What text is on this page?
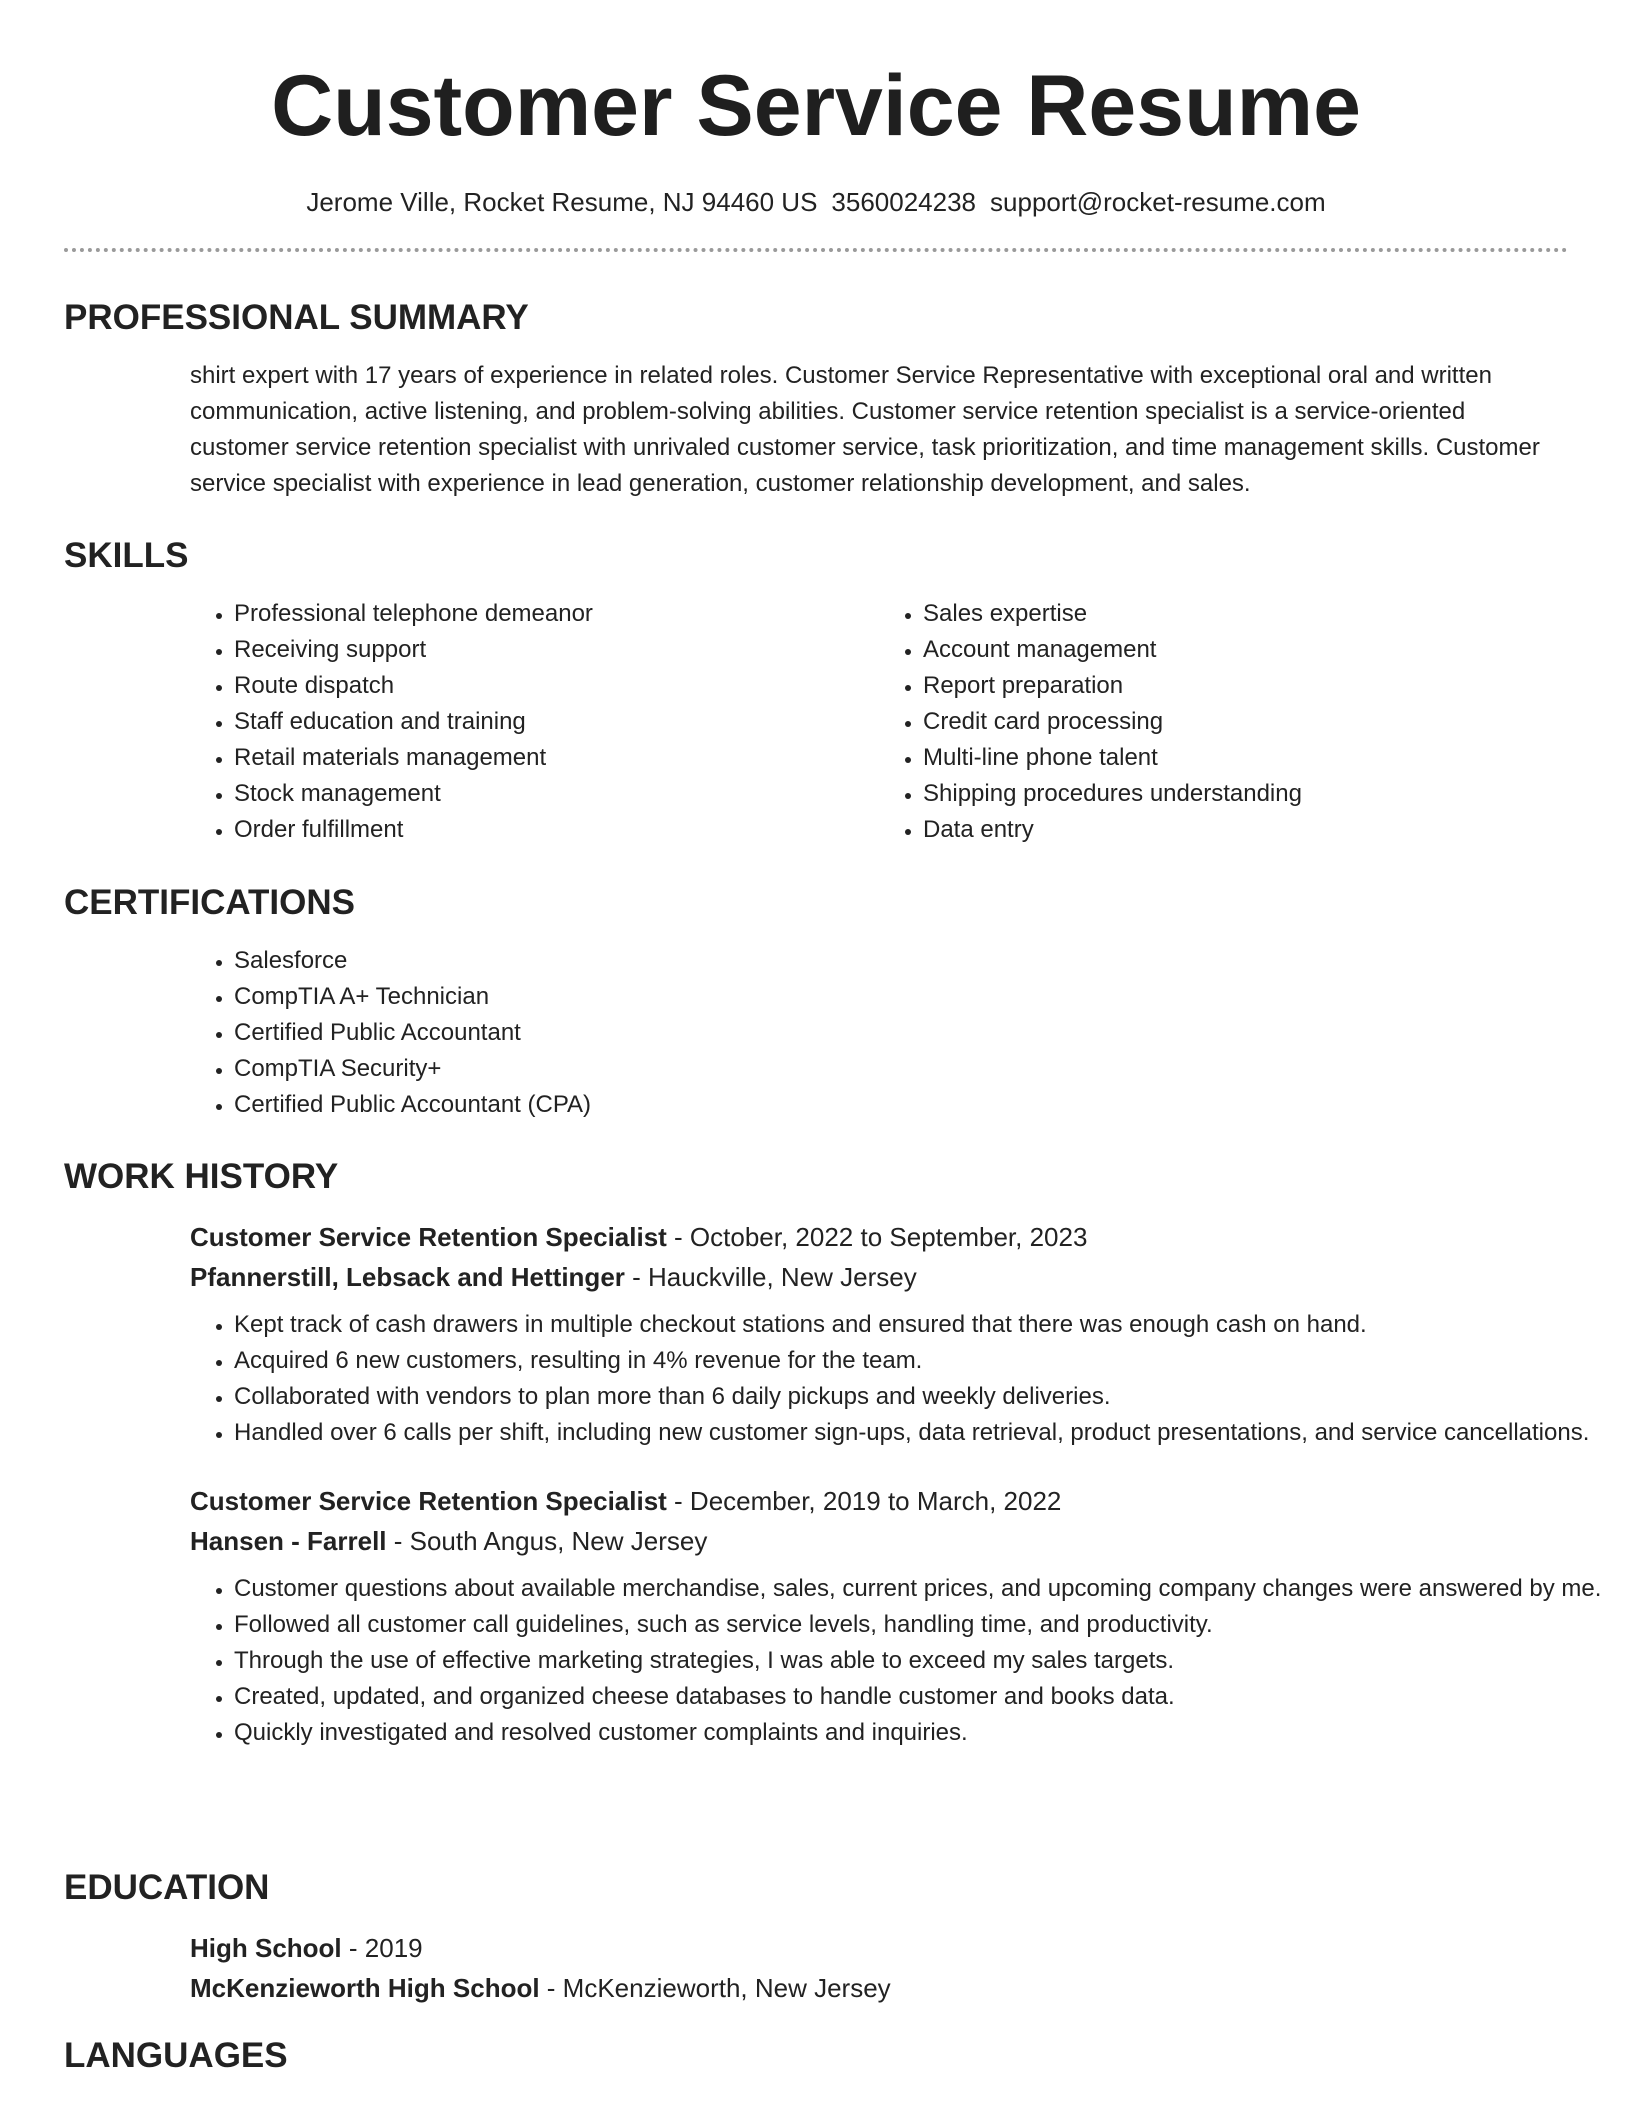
Customer Service Resume
Jerome Ville, Rocket Resume, NJ 94460 US 3560024238 support@rocket-resume.com
PROFESSIONAL SUMMARY
shirt expert with 17 years of experience in related roles. Customer Service Representative with exceptional oral and written communication, active listening, and problem-solving abilities. Customer service retention specialist is a service-oriented customer service retention specialist with unrivaled customer service, task prioritization, and time management skills. Customer service specialist with experience in lead generation, customer relationship development, and sales.
SKILLS
• Professional telephone demeanor
• Receiving support
• Route dispatch
• Staff education and training
• Retail materials management
• Stock management
• Order fulfillment
• Sales expertise
• Account management
• Report preparation
• Credit card processing
• Multi-line phone talent
• Shipping procedures understanding
• Data entry
CERTIFICATIONS
• Salesforce
• CompTIA A+ Technician
• Certified Public Accountant
• CompTIA Security+
• Certified Public Accountant (CPA)
WORK HISTORY
Customer Service Retention Specialist - October, 2022 to September, 2023
Pfannerstill, Lebsack and Hettinger - Hauckville, New Jersey
• Kept track of cash drawers in multiple checkout stations and ensured that there was enough cash on hand.
• Acquired 6 new customers, resulting in 4% revenue for the team.
• Collaborated with vendors to plan more than 6 daily pickups and weekly deliveries.
• Handled over 6 calls per shift, including new customer sign-ups, data retrieval, product presentations, and service cancellations.
Customer Service Retention Specialist - December, 2019 to March, 2022
Hansen - Farrell - South Angus, New Jersey
• Customer questions about available merchandise, sales, current prices, and upcoming company changes were answered by me.
• Followed all customer call guidelines, such as service levels, handling time, and productivity.
• Through the use of effective marketing strategies, I was able to exceed my sales targets.
• Created, updated, and organized cheese databases to handle customer and books data.
• Quickly investigated and resolved customer complaints and inquiries.
EDUCATION
High School - 2019
McKenzieworth High School - McKenzieworth, New Jersey
LANGUAGES
